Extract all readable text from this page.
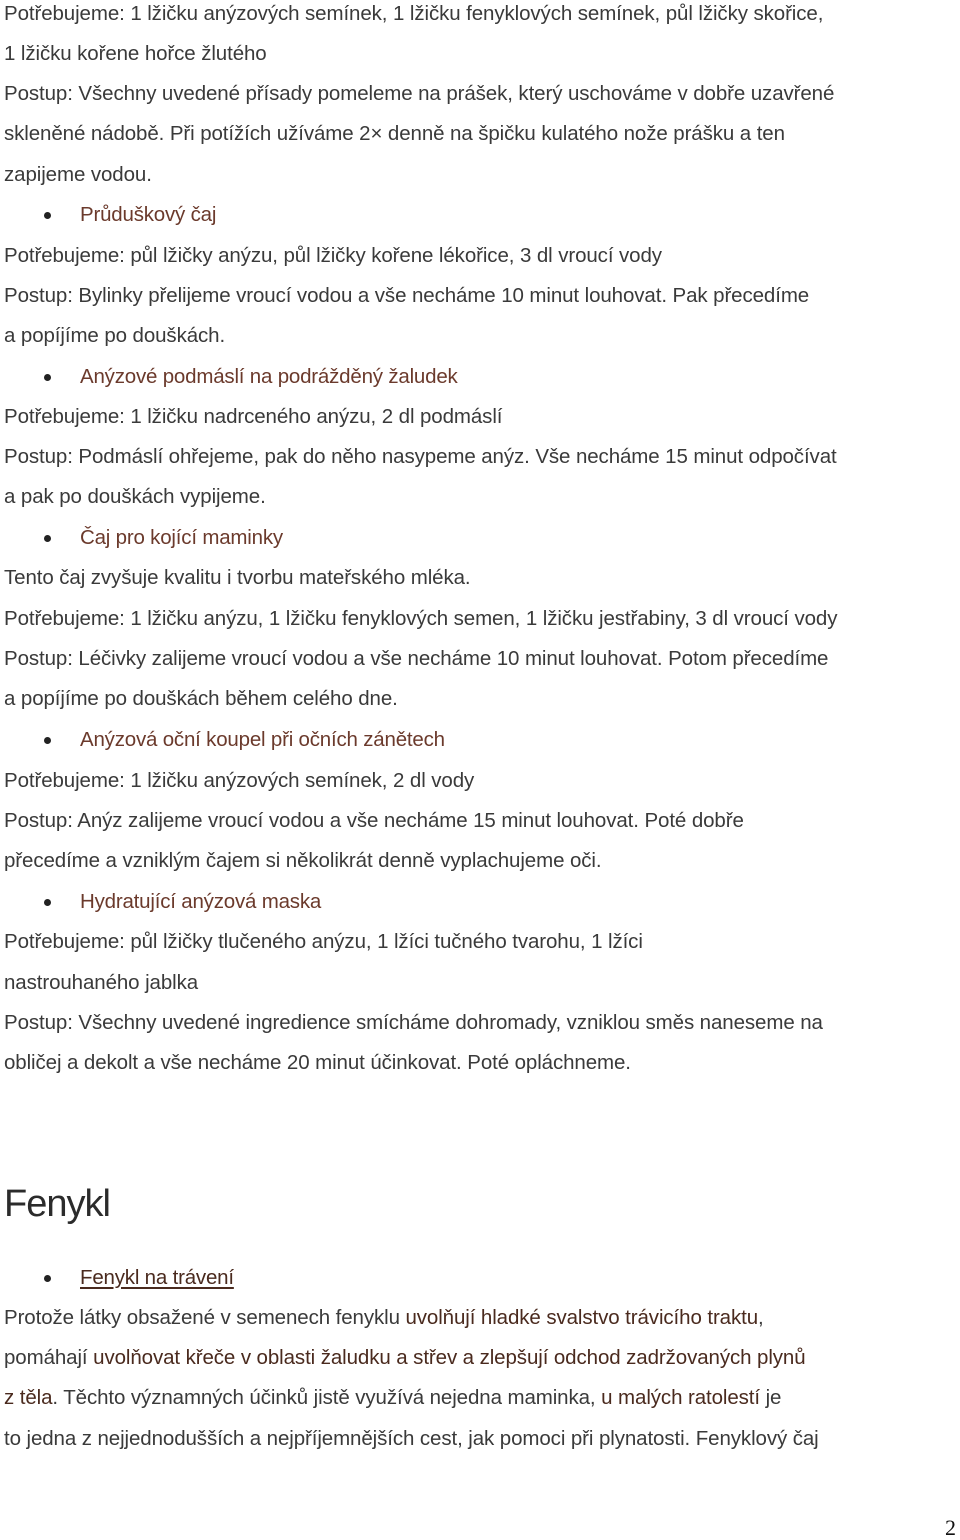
Potřebujeme: 1 lžičku anýzových semínek, 1 lžičku fenyklových semínek, půl lžičky skořice,

1 lžičku kořene hořce žlutého

Postup: Všechny uvedené přísady pomeleme na prášek, který uschováme v dobře uzavřené

skleněné nádobě. Při potížích užíváme 2× denně na špičku kulatého nože prášku a ten

zapijeme vodou.

Průduškový čaj

Potřebujeme: půl lžičky anýzu, půl lžičky kořene lékořice, 3 dl vroucí vody

Postup: Bylinky přelijeme vroucí vodou a vše necháme 10 minut louhovat. Pak přecedíme

a popíjíme po douškách.

Anýzové podmáslí na podrážděný žaludek

Potřebujeme: 1 lžičku nadrceného anýzu, 2 dl podmáslí

Postup: Podmáslí ohřejeme, pak do něho nasypeme anýz. Vše necháme 15 minut odpočívat

a pak po douškách vypijeme.

Čaj pro kojící maminky

Tento čaj zvyšuje kvalitu i tvorbu mateřského mléka.

Potřebujeme: 1 lžičku anýzu, 1 lžičku fenyklových semen, 1 lžičku jestřabiny, 3 dl vroucí vody

Postup: Léčivky zalijeme vroucí vodou a vše necháme 10 minut louhovat. Potom přecedíme

a popíjíme po douškách během celého dne.

Anýzová oční koupel při očních zánětech

Potřebujeme: 1 lžičku anýzových semínek, 2 dl vody

Postup: Anýz zalijeme vroucí vodou a vše necháme 15 minut louhovat. Poté dobře

přecedíme a vzniklým čajem si několikrát denně vyplachujeme oči.

Hydratující anýzová maska

Potřebujeme: půl lžičky tlučeného anýzu, 1 lžíci tučného tvarohu, 1 lžíci

nastrouhaného jablka

Postup: Všechny uvedené ingredience smícháme dohromady, vzniklou směs naneseme na

obličej a dekolt a vše necháme 20 minut účinkovat. Poté opláchneme.

Fenykl

Fenykl na trávení

Protože látky obsažené v semenech fenyklu uvolňují hladké svalstvo trávicího traktu,

pomáhají uvolňovat křeče v oblasti žaludku a střev a zlepšují odchod zadržovaných plynů

z těla. Těchto významných účinků jistě využívá nejedna maminka, u malých ratolestí je

to jedna z nejjednodušších a nejpříjemnějších cest, jak pomoci při plynatosti. Fenyklový čaj

2
